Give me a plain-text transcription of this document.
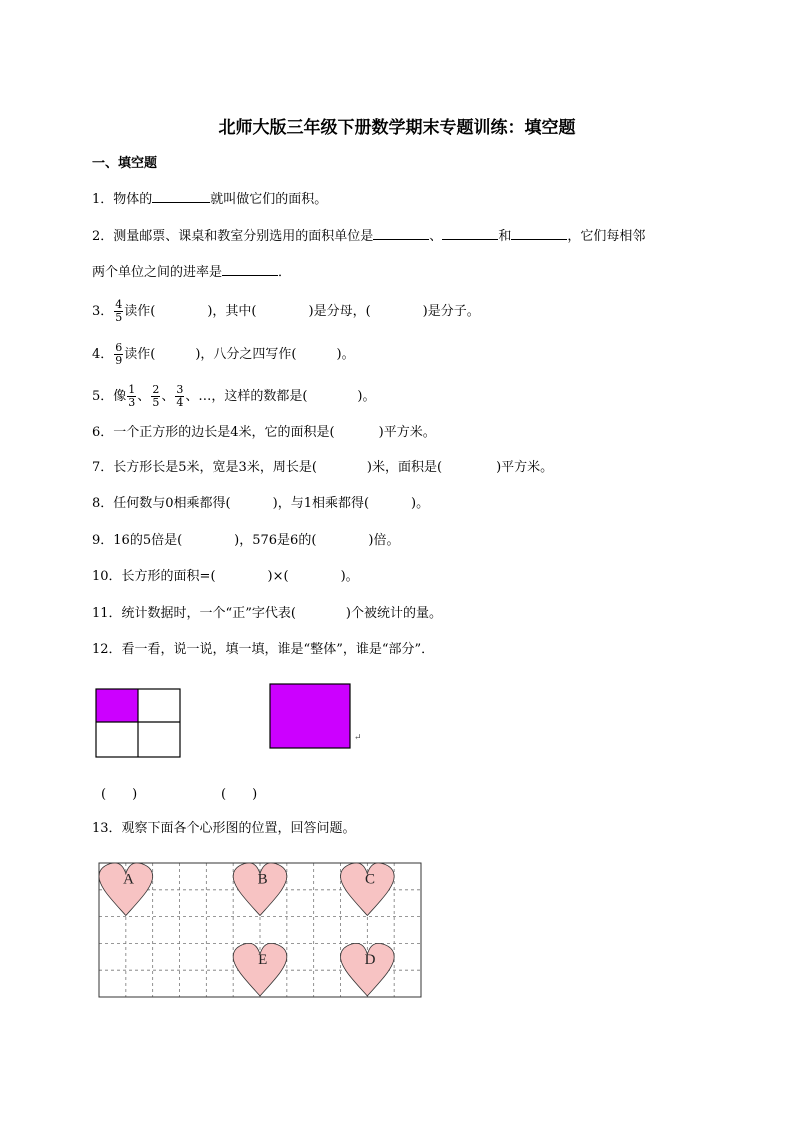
北师大版三年级下册数学期末专题训练：填空题
一、填空题
1．物体的	就叫做它们的面积。
2．测量邮票、课桌和教室分别选用的面积单位是	、	和	，它们每相邻
两个单位之间的进率是	．
3． $\frac{4}{5}$ 读作(	)，其中(	)是分母，(	)是分子。
4． $\frac{6}{9}$ 读作(	)，八分之四写作(	)。
5．像 $\frac{1}{3}$ 、 $\frac{2}{5}$ 、 $\frac{3}{4}$ 、…，这样的数都是(	)。
6．一个正方形的边长是4米，它的面积是(	)平方米。
7．长方形长是5米，宽是3米，周长是(	)米，面积是(	)平方米。
8．任何数与0相乘都得(	)，与1相乘都得(	)。
9．16的5倍是(	)，576是6的(	)倍。
10．长方形的面积=(	)×(	)。
11．统计数据时，一个“正”字代表(	)个被统计的量。
12．看一看，说一说，填一填，谁是“整体”，谁是“部分”．
↵
(　　)	(　　)
13．观察下面各个心形图的位置，回答问题。
A	B	C
E	D
